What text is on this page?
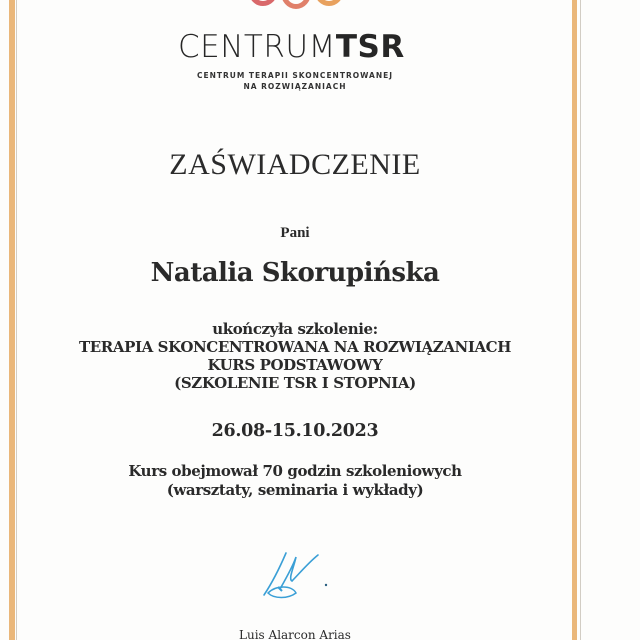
CENTRUMTSR
CENTRUM TERAPII SKONCENTROWANEJ
NA ROZWIĄZANIACH
ZAŚWIADCZENIE
Pani
Natalia Skorupińska
ukończyła szkolenie:
TERAPIA SKONCENTROWANA NA ROZWIĄZANIACH
KURS PODSTAWOWY
(SZKOLENIE TSR I STOPNIA)
26.08-15.10.2023
Kurs obejmował 70 godzin szkoleniowych
(warsztaty, seminaria i wykłady)
Luis Alarcon Arias
